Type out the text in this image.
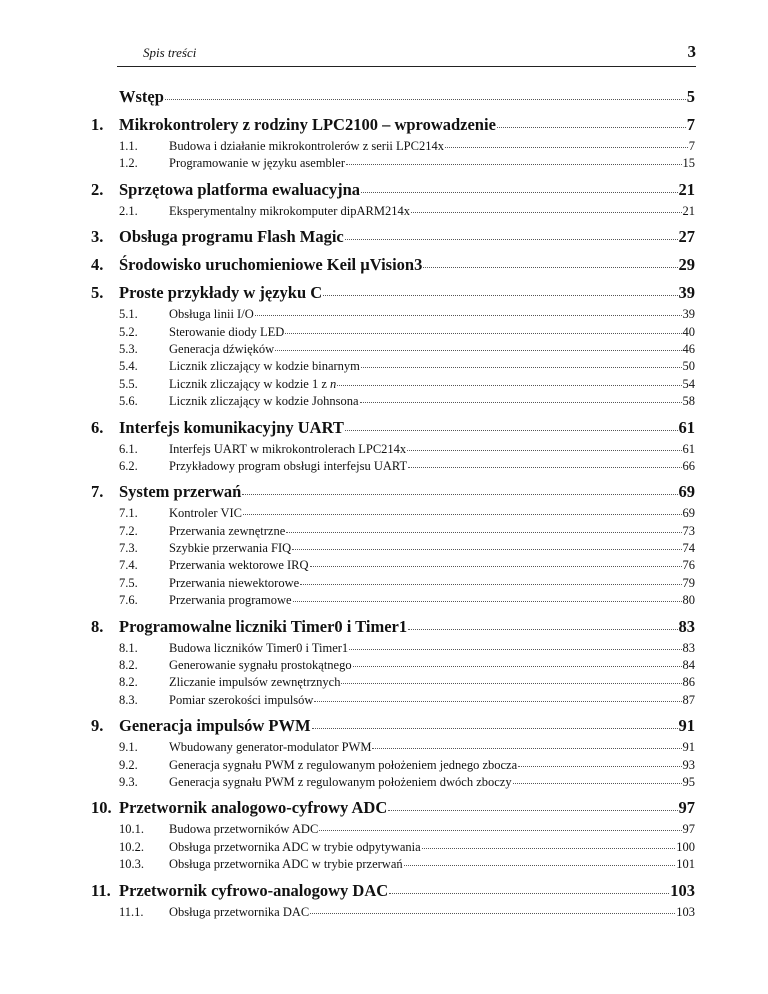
Spis treści	3
Wstęp	5
1. Mikrokontrolery z rodziny LPC2100 – wprowadzenie	7
1.1.	Budowa i działanie mikrokontrolerów z serii LPC214x	7
1.2.	Programowanie w języku asembler	15
2. Sprzętowa platforma ewaluacyjna	21
2.1.	Eksperymentalny mikrokomputer dipARM214x	21
3. Obsługa programu Flash Magic	27
4. Środowisko uruchomieniowe Keil µVision3	29
5. Proste przykłady w języku C	39
5.1.	Obsługa linii I/O	39
5.2.	Sterowanie diody LED	40
5.3.	Generacja dźwięków	46
5.4.	Licznik zliczający w kodzie binarnym	50
5.5.	Licznik zliczający w kodzie 1 z n	54
5.6.	Licznik zliczający w kodzie Johnsona	58
6. Interfejs komunikacyjny UART	61
6.1.	Interfejs UART w mikrokontrolerach LPC214x	61
6.2.	Przykładowy program obsługi interfejsu UART	66
7. System przerwań	69
7.1.	Kontroler VIC	69
7.2.	Przerwania zewnętrzne	73
7.3.	Szybkie przerwania FIQ	74
7.4.	Przerwania wektorowe IRQ	76
7.5.	Przerwania niewektorowe	79
7.6.	Przerwania programowe	80
8. Programowalne liczniki Timer0 i Timer1	83
8.1.	Budowa liczników Timer0 i Timer1	83
8.2.	Generowanie sygnału prostokątnego	84
8.2.	Zliczanie impulsów zewnętrznych	86
8.3.	Pomiar szerokości impulsów	87
9. Generacja impulsów PWM	91
9.1.	Wbudowany generator-modulator PWM	91
9.2.	Generacja sygnału PWM z regulowanym położeniem jednego zbocza	93
9.3.	Generacja sygnału PWM z regulowanym położeniem dwóch zboczy	95
10. Przetwornik analogowo-cyfrowy ADC	97
10.1.	Budowa przetworników ADC	97
10.2.	Obsługa przetwornika ADC w trybie odpytywania	100
10.3.	Obsługa przetwornika ADC w trybie przerwań	101
11. Przetwornik cyfrowo-analogowy DAC	103
11.1.	Obsługa przetwornika DAC	103
